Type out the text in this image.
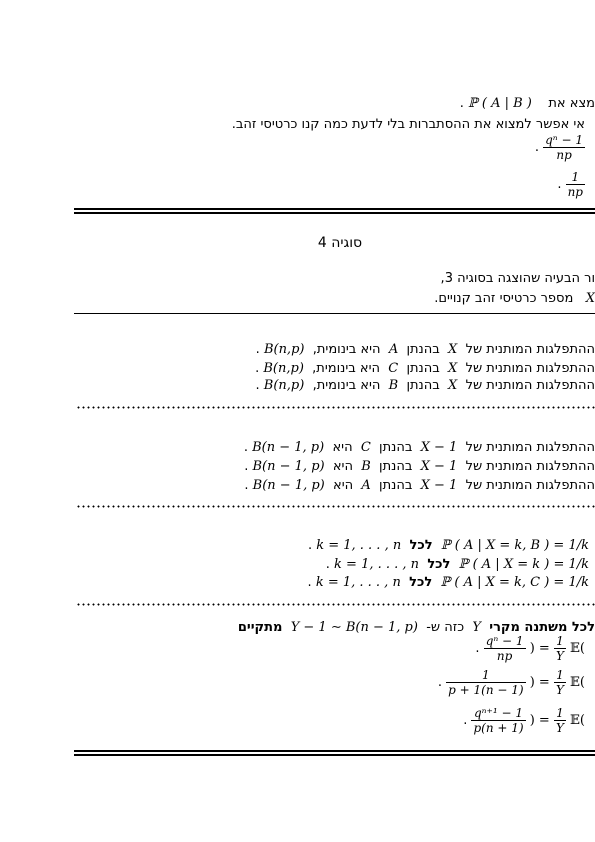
מצא את    ℙ ( A | B ) .
אי אפשר למצוא את ההסתברות בלי לדעת כמה קנו כרטיסי זהב.
$\frac{\text{1 − qⁿ}}{np}$
.
$\frac{1}{np}$
.
סוגיה 4
ור הבעיה שהוצגה בסוגיה 3,
X   מספר כרטיסי זהב קנויים.
ההתפלגות המותנית של  X  בהנתן  A  היא בינומית,  B(n,p) .
ההתפלגות המותנית של  X  בהנתן  C  היא בינומית,  B(n,p) .
ההתפלגות המותנית של  X  בהנתן  B  היא בינומית,  B(n,p) .
ההתפלגות המותנית של  X − 1  בהנתן  C  היא  B(n − 1, p) .
ההתפלגות המותנית של  X − 1  בהנתן  B  היא  B(n − 1, p) .
ההתפלגות המותנית של  X − 1  בהנתן  A  היא  B(n − 1, p) .
ℙ ( A | X = k, B ) = 1/k  לכל  k = 1, . . . , n .
ℙ ( A | X = k ) = 1/k  לכל  k = 1, . . . , n .
ℙ ( A | X = k, C ) = 1/k  לכל  k = 1, . . . , n .
לכל משתנה מקרי  Y  כזה ש-  Y − 1 ∼ B(n − 1, p)  מתקיים
𝔼(
$\frac{1}{Y}$
) =
$\frac{\text{1 − qⁿ}}{np}$
.
𝔼(
$\frac{1}{Y}$
) =
$\frac{1}{(n - 1)p + 1}$
.
𝔼(
$\frac{1}{Y}$
) =
$\frac{\text{1 − qⁿ⁺¹}}{(n + 1)p}$
.
